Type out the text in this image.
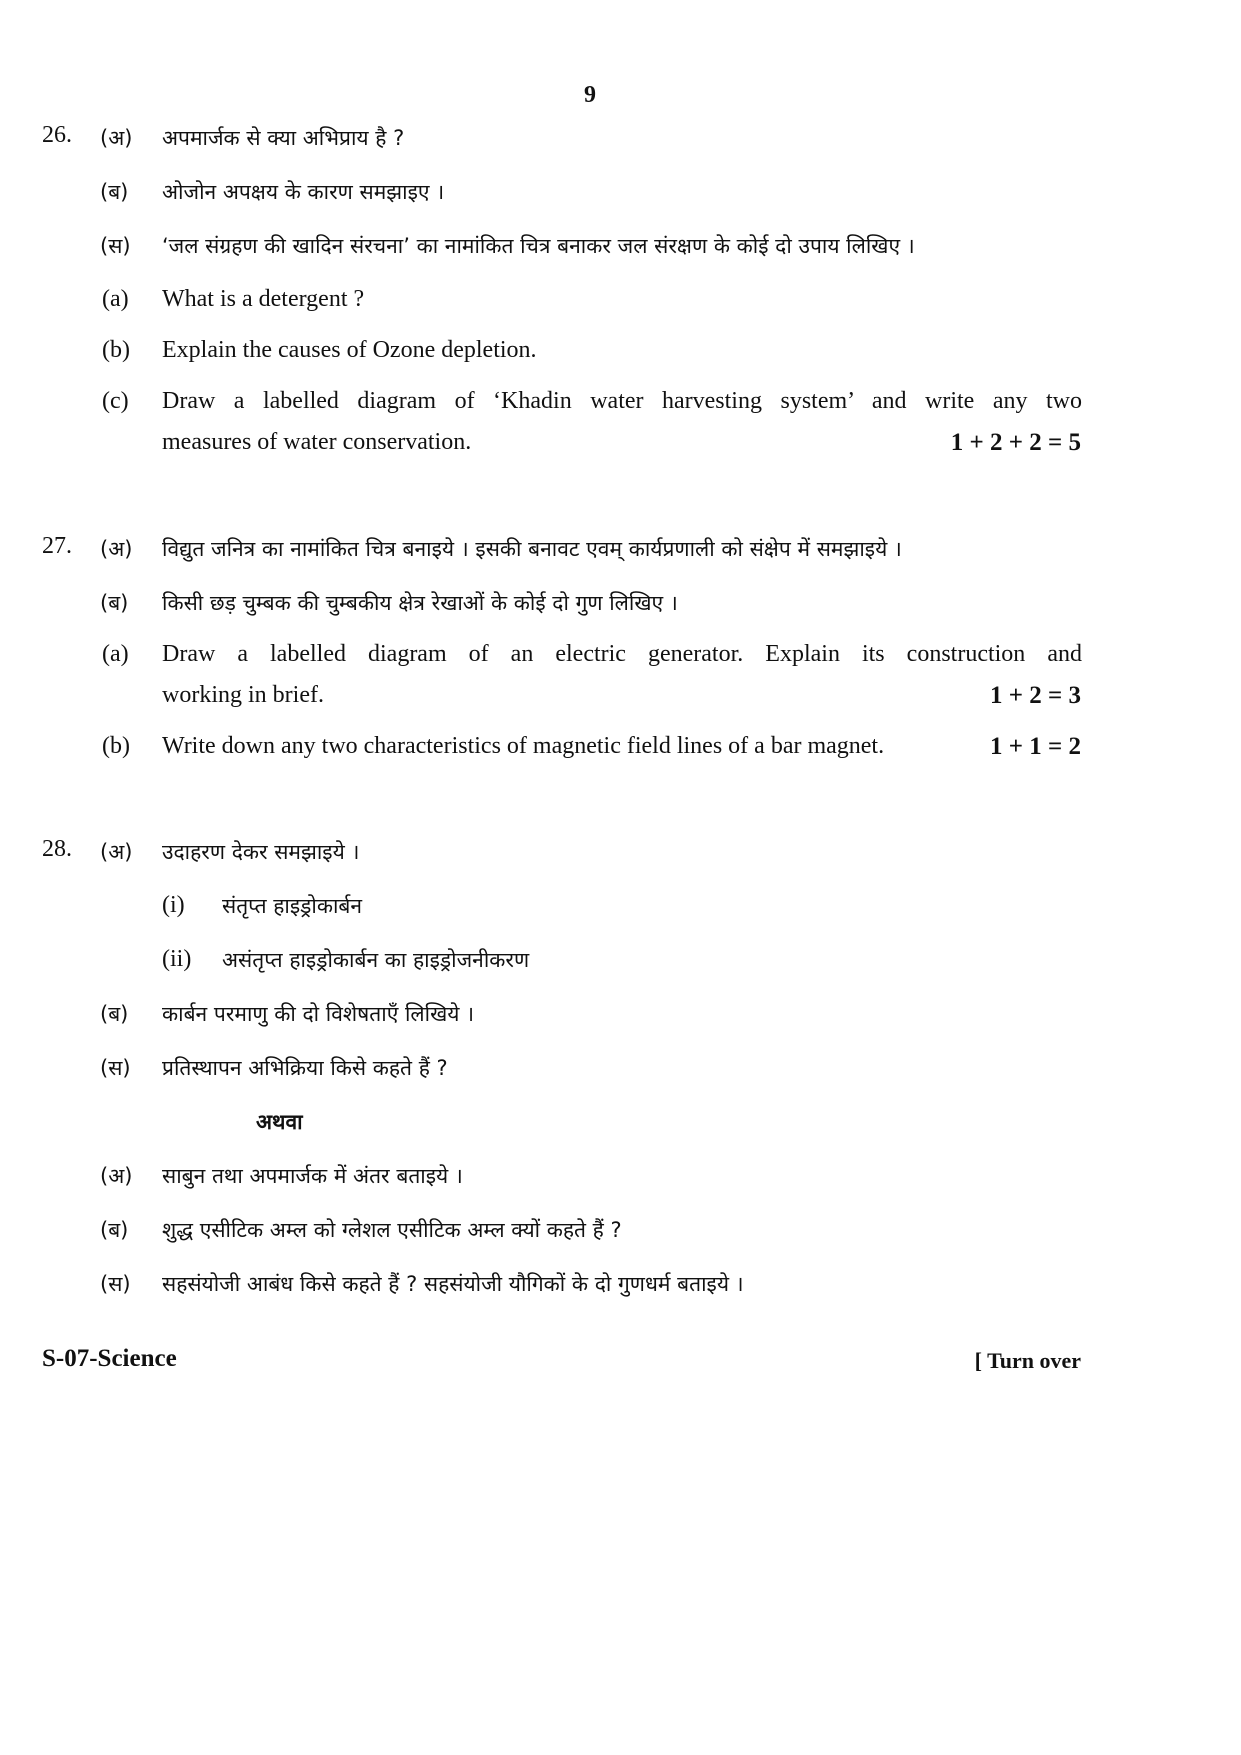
9
26. (अ) अपमार्जक से क्या अभिप्राय है ?
(ब) ओजोन अपक्षय के कारण समझाइए ।
(स) ‘जल संग्रहण की खादिन संरचना’ का नामांकित चित्र बनाकर जल संरक्षण के कोई दो उपाय लिखिए ।
(a) What is a detergent ?
(b) Explain the causes of Ozone depletion.
(c) Draw a labelled diagram of ‘Khadin water harvesting system’ and write any two
measures of water conservation.	1 + 2 + 2 = 5
27. (अ) विद्युत जनित्र का नामांकित चित्र बनाइये । इसकी बनावट एवम् कार्यप्रणाली को संक्षेप में समझाइये ।
(ब) किसी छड़ चुम्बक की चुम्बकीय क्षेत्र रेखाओं के कोई दो गुण लिखिए ।
(a) Draw a labelled diagram of an electric generator. Explain its construction and
working in brief.	1 + 2 = 3
(b) Write down any two characteristics of magnetic field lines of a bar magnet.	1 + 1 = 2
28. (अ) उदाहरण देकर समझाइये ।
(i) संतृप्त हाइड्रोकार्बन
(ii) असंतृप्त हाइड्रोकार्बन का हाइड्रोजनीकरण
(ब) कार्बन परमाणु की दो विशेषताएँ लिखिये ।
(स) प्रतिस्थापन अभिक्रिया किसे कहते हैं ?
अथवा
(अ) साबुन तथा अपमार्जक में अंतर बताइये ।
(ब) शुद्ध एसीटिक अम्ल को ग्लेशल एसीटिक अम्ल क्यों कहते हैं ?
(स) सहसंयोजी आबंध किसे कहते हैं ? सहसंयोजी यौगिकों के दो गुणधर्म बताइये ।
S-07-Science	[ Turn over
